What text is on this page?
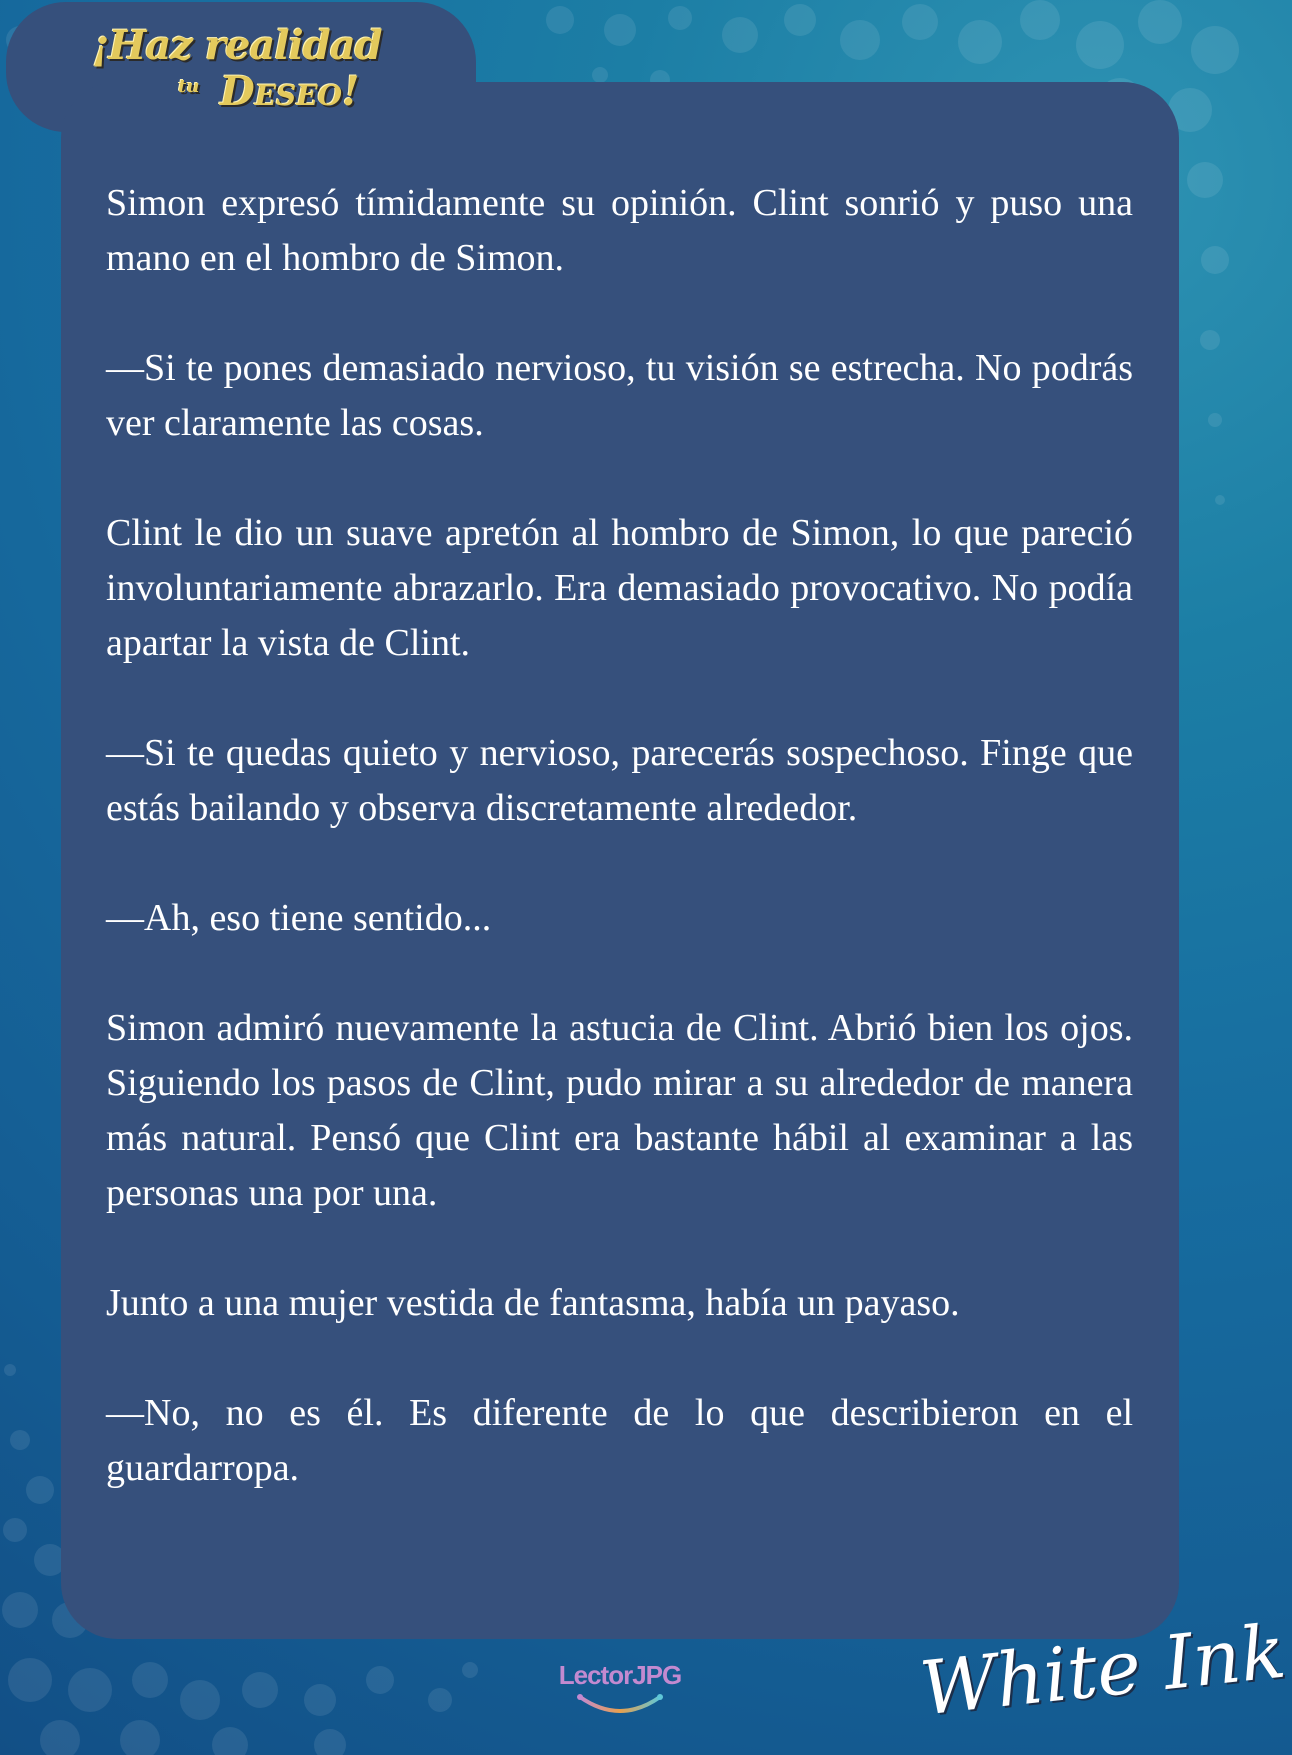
¡Haz realidad
tu Deseo!

Simon expresó tímidamente su opinión. Clint sonrió y puso una mano en el hombro de Simon.

—Si te pones demasiado nervioso, tu visión se estrecha. No podrás ver claramente las cosas.

Clint le dio un suave apretón al hombro de Simon, lo que pareció involuntariamente abrazarlo. Era demasiado provocativo. No podía apartar la vista de Clint.

—Si te quedas quieto y nervioso, parecerás sospechoso. Finge que estás bailando y observa discretamente alrededor.

—Ah, eso tiene sentido...

Simon admiró nuevamente la astucia de Clint. Abrió bien los ojos. Siguiendo los pasos de Clint, pudo mirar a su alrededor de manera más natural. Pensó que Clint era bastante hábil al examinar a las personas una por una.

Junto a una mujer vestida de fantasma, había un payaso.

—No, no es él. Es diferente de lo que describieron en el guardarropa.

LectorJPG	White Ink
